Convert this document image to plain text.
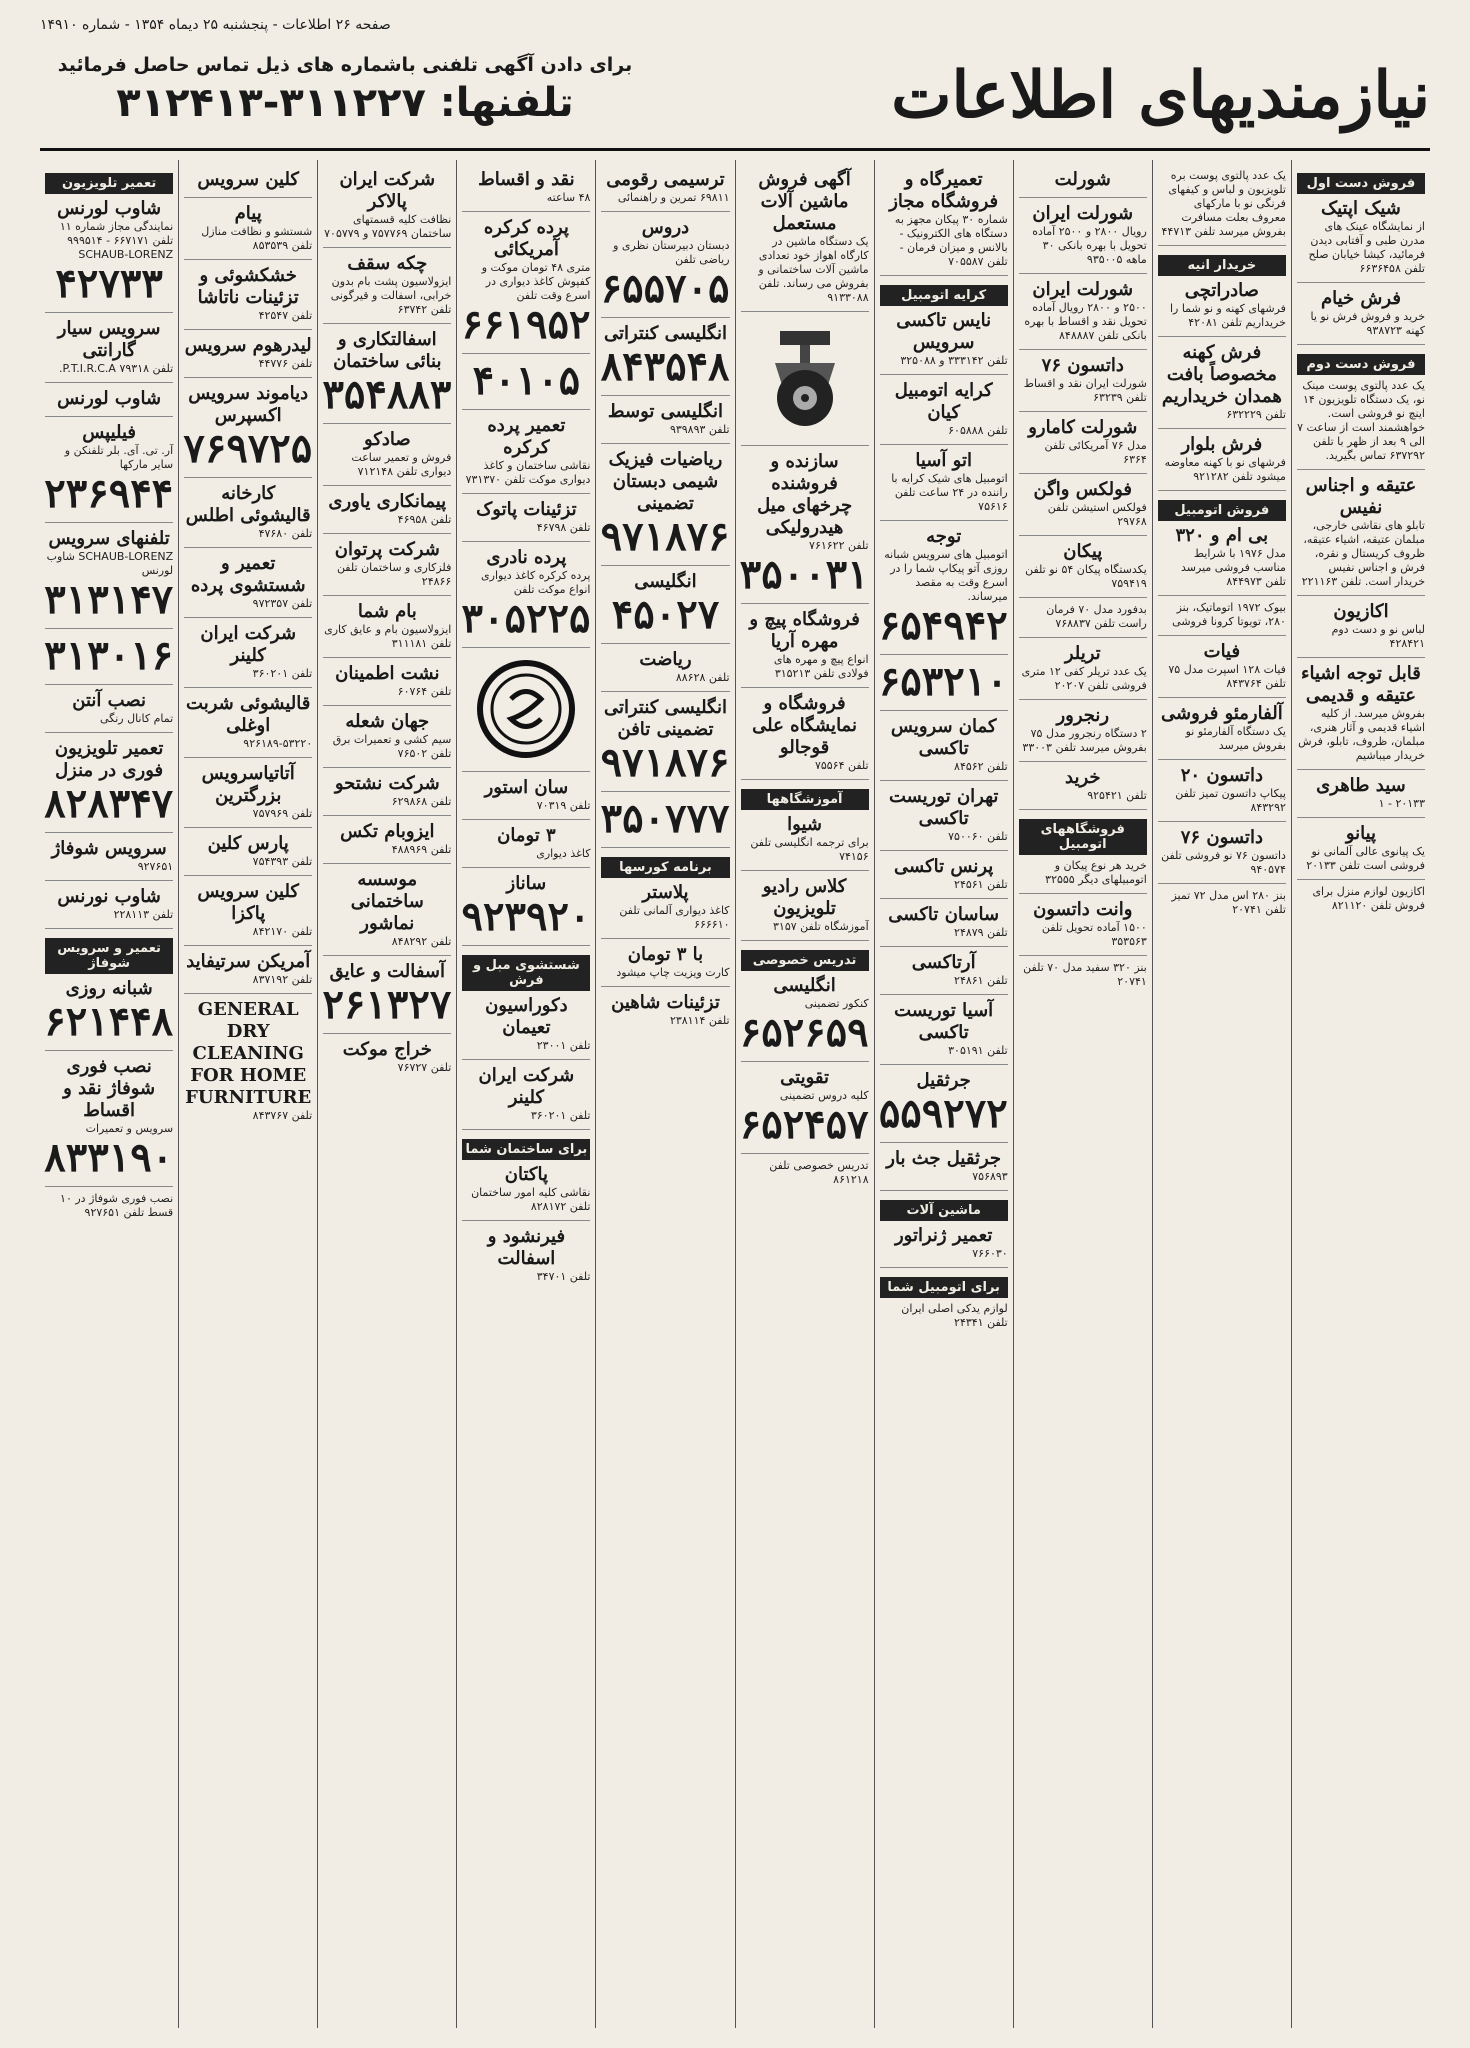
صفحه ۲۶ اطلاعات - پنجشنبه ۲۵ دیماه ۱۳۵۴ - شماره ۱۴۹۱۰
نیازمندیهای اطلاعات
برای دادن آگهی تلفنی باشماره های ذیل تماس حاصل فرمائید
تلفنها: ۳۱۱۲۲۷-۳۱۲۴۱۳
فروش دست اول
شیک اپتیک
از نمایشگاه عینک های مدرن طبی و آفتابی دیدن فرمائید، کیشا خیابان صلح تلفن ۶۶۳۶۴۵۸
فرش خیام
خرید و فروش فرش نو یا کهنه ۹۳۸۷۲۳
فروش دست دوم
یک عدد پالتوی پوست مینک نو، یک دستگاه تلویزیون ۱۴ اینچ نو فروشی است. خواهشمند است از ساعت ۷ الی ۹ بعد از ظهر با تلفن ۶۳۷۲۹۲ تماس بگیرید.
عتیقه و اجناس نفیس
تابلو های نقاشی خارجی، مبلمان عتیقه، اشیاء عتیقه، ظروف کریستال و نقره، فرش و اجناس نفیس خریدار است. تلفن ۲۲۱۱۶۳
اکازیون
لباس نو و دست دوم ۴۲۸۴۲۱
قابل توجه اشیاء عتیقه و قدیمی
بفروش میرسد. از کلیه اشیاء قدیمی و آثار هنری، مبلمان، ظروف، تابلو، فرش خریدار میباشیم
سید طاهری
۲۰۱۳۳ - ۱
پیانو
یک پیانوی عالی آلمانی نو فروشی است تلفن ۲۰۱۳۳
اکازیون لوازم منزل برای فروش تلفن ۸۲۱۱۲۰
یک عدد پالتوی پوست بره تلویزیون و لباس و کیفهای فرنگی نو با مارکهای معروف بعلت مسافرت بفروش میرسد تلفن ۴۴۷۱۳
خریدار انیه
صادراتچی
فرشهای کهنه و نو شما را خریداریم تلفن ۴۲۰۸۱
فرش کهنه مخصوصاً بافت همدان خریداریم
تلفن ۶۳۲۲۲۹
فرش بلوار
فرشهای نو با کهنه معاوضه میشود تلفن ۹۲۱۲۸۲
فروش اتومبیل
بی ام و ۳۲۰
مدل ۱۹۷۶ با شرایط مناسب فروشی میرسد تلفن ۸۴۴۹۷۳
بیوک ۱۹۷۲ اتوماتیک، بنز ۲۸۰، تویوتا کرونا فروشی
فیات
فیات ۱۲۸ اسپرت مدل ۷۵ تلفن ۸۴۳۷۶۴
آلفارمئو فروشی
یک دستگاه آلفارمئو نو بفروش میرسد
داتسون ۲۰
پیکاپ داتسون تمیز تلفن ۸۴۳۲۹۲
داتسون ۷۶
داتسون ۷۶ نو فروشی تلفن ۹۴۰۵۷۴
بنز ۲۸۰ اس مدل ۷۲ تمیز تلفن ۲۰۷۴۱
شورلت
شورلت ایران
رویال ۲۸۰۰ و ۲۵۰۰ آماده تحویل با بهره بانکی ۳۰ ماهه ۹۳۵۰۰۵
شورلت ایران
۲۵۰۰ و ۲۸۰۰ رویال آماده تحویل نقد و اقساط با بهره بانکی تلفن ۸۴۸۸۸۷
داتسون ۷۶
شورلت ایران نقد و اقساط تلفن ۶۳۲۳۹
شورلت کامارو
مدل ۷۶ آمریکائی تلفن ۶۳۶۴
فولکس واگن
فولکس استیشن تلفن ۲۹۷۶۸
پیکان
یکدستگاه پیکان ۵۴ نو تلفن ۷۵۹۴۱۹
بدفورد مدل ۷۰ فرمان راست تلفن ۷۶۸۸۳۷
تریلر
یک عدد تریلر کفی ۱۲ متری فروشی تلفن ۲۰۲۰۷
رنجرور
۲ دستگاه رنجرور مدل ۷۵ بفروش میرسد تلفن ۳۳۰۰۳
خرید
تلفن ۹۲۵۴۲۱
فروشگاههای اتومبیل
خرید هر نوع پیکان و اتومبیلهای دیگر ۳۲۵۵۵
وانت داتسون
۱۵۰۰ آماده تحویل تلفن ۳۵۳۵۶۳
بنز ۳۲۰ سفید مدل ۷۰ تلفن ۲۰۷۴۱
تعمیرگاه و فروشگاه مجاز
شماره ۳۰ پیکان مجهز به دستگاه های الکترونیک - بالانس و میزان فرمان - تلفن ۷۰۵۵۸۷
کرایه اتومبیل
نایس تاکسی سرویس
تلفن ۳۳۳۱۴۲ و ۳۲۵۰۸۸
کرایه اتومبیل کیان
تلفن ۶۰۵۸۸۸
اتو آسیا
اتومبیل های شیک کرایه با راننده در ۲۴ ساعت تلفن ۷۵۶۱۶
توجه
اتومبیل های سرویس شبانه روزی آتو پیکاپ شما را در اسرع وقت به مقصد میرساند.
۶۵۴۹۴۲
۶۵۳۲۱۰
کمان سرویس تاکسی
تلفن ۸۴۵۶۲
تهران توریست تاکسی
تلفن ۷۵۰۰۶۰
پرنس تاکسی
تلفن ۲۴۵۶۱
ساسان تاکسی
تلفن ۲۴۸۷۹
آرتاکسی
تلفن ۲۴۸۶۱
آسیا توریست تاکسی
تلفن ۳۰۵۱۹۱
جرثقیل
۵۵۹۲۷۲
جرثقیل جث بار
۷۵۶۸۹۳
ماشین آلات
تعمیر ژنراتور
۷۶۶۰۳۰
برای اتومبیل شما
لوازم یدکی اصلی ایران تلفن ۲۴۳۴۱
آگهی فروش ماشین آلات مستعمل
یک دستگاه ماشین در کارگاه اهواز خود تعدادی ماشین آلات ساختمانی و بفروش می رساند. تلفن ۹۱۳۳۰۸۸
سازنده و فروشنده چرخهای میل هیدرولیکی
تلفن ۷۶۱۶۲۲
۳۵۰۰۳۱
فروشگاه پیچ و مهره آریا
انواع پیچ و مهره های فولادی تلفن ۳۱۵۲۱۳
فروشگاه و نمایشگاه علی قوجالو
تلفن ۷۵۵۶۴
آموزشگاهها
شیوا
برای ترجمه انگلیسی تلفن ۷۴۱۵۶
کلاس رادیو تلویزیون
آموزشگاه تلفن ۳۱۵۷
تدریس خصوصی
انگلیسی
کنکور تضمینی
۶۵۲۶۵۹
تقویتی
کلیه دروس تضمینی
۶۵۲۴۵۷
تدریس خصوصی تلفن ۸۶۱۲۱۸
ترسیمی رقومی
۶۹۸۱۱ تمرین و راهنمائی
دروس
دبستان دبیرستان نظری و ریاضی تلفن
۶۵۵۷۰۵
انگلیسی کنتراتی
۸۴۳۵۴۸
انگلیسی توسط
تلفن ۹۳۹۸۹۳
ریاضیات فیزیک شیمی دبستان تضمینی
۹۷۱۸۷۶
انگلیسی
۴۵۰۲۷
ریاضت
تلفن ۸۸۶۲۸
انگلیسی کنتراتی تضمینی تافن
۹۷۱۸۷۶
۳۵۰۷۷۷
برنامه کورسها
پلاستر
کاغذ دیواری آلمانی تلفن ۶۶۶۶۱۰
با ۳ تومان
کارت ویزیت چاپ میشود
تزئینات شاهین
تلفن ۲۳۸۱۱۴
نقد و اقساط
۴۸ ساعته
پرده کرکره آمریکائی
متری ۴۸ تومان موکت و کفپوش کاغذ دیواری در اسرع وقت تلفن
۶۶۱۹۵۲
۴۰۱۰۵
تعمیر پرده کرکره
نقاشی ساختمان و کاغذ دیواری موکت تلفن ۷۳۱۳۷۰
تزئینات پاتوک
تلفن ۴۶۷۹۸
پرده نادری
پرده کرکره کاغذ دیواری انواع موکت تلفن
۳۰۵۲۲۵
سان استور
تلفن ۷۰۳۱۹
۳ تومان
کاغذ دیواری
ساناز
۹۲۳۹۲۰
شستشوی مبل و فرش
دکوراسیون تعیمان
تلفن ۲۳۰۰۱
شرکت ایران کلینر
تلفن ۳۶۰۲۰۱
برای ساختمان شما
پاکتان
نقاشی کلیه امور ساختمان تلفن ۸۲۸۱۷۲
فیرنشود و اسفالت
تلفن ۳۴۷۰۱
شرکت ایران پالاکر
نظافت کلیه قسمتهای ساختمان ۷۵۷۷۶۹ و ۷۰۵۷۷۹
چکه سقف
ایزولاسیون پشت بام بدون خرابی، اسفالت و قیرگونی تلفن ۶۳۷۴۲
اسفالتکاری و بنائی ساختمان
۳۵۴۸۸۳
صادکو
فروش و تعمیر ساعت دیواری تلفن ۷۱۲۱۴۸
پیمانکاری یاوری
تلفن ۴۶۹۵۸
شرکت پرتوان
فلزکاری و ساختمان تلفن ۲۴۸۶۶
بام شما
ایزولاسیون بام و عایق کاری تلفن ۳۱۱۱۸۱
نشت اطمینان
تلفن ۶۰۷۶۴
جهان شعله
سیم کشی و تعمیرات برق تلفن ۷۶۵۰۲
شرکت نشتحو
تلفن ۶۲۹۸۶۸
ایزوبام تکس
تلفن ۴۸۸۹۶۹
موسسه ساختمانی نماشور
تلفن ۸۴۸۲۹۲
آسفالت و عایق
۲۶۱۳۲۷
خراج موکت
تلفن ۷۶۷۲۷
کلین سرویس
پیام
شستشو و نظافت منازل تلفن ۸۵۳۵۳۹
خشکشوئی و تزئینات ناتاشا
تلفن ۴۲۵۴۷
لیدرهوم سرویس
تلفن ۴۴۷۷۶
دیاموند سرویس اکسپرس
۷۶۹۷۲۵
کارخانه قالیشوئی اطلس
تلفن ۴۷۶۸۰
تعمیر و شستشوی پرده
تلفن ۹۷۲۳۵۷
شرکت ایران کلینر
تلفن ۳۶۰۲۰۱
قالیشوئی شربت اوغلی
۹۲۶۱۸۹-۵۳۲۲۰
آتاتیاسرویس بزرگترین
تلفن ۷۵۷۹۶۹
پارس کلین
تلفن ۷۵۴۳۹۳
کلین سرویس پاکزا
تلفن ۸۴۲۱۷۰
آمریکن سرتیفاید
تلفن ۸۳۷۱۹۲
GENERAL DRY CLEANING FOR HOME FURNITURE
تلفن ۸۴۳۷۶۷
تعمیر تلویزیون
شاوب لورنس
نمایندگی مجاز شماره ۱۱ تلفن ۶۶۷۱۷۱ - ۹۹۹۵۱۴ SCHAUB-LORENZ
۴۲۷۳۳
سرویس سیار گارانتی
تلفن ۷۹۳۱۸ P.T.I.R.C.A.
شاوب لورنس
فیلیپس
آر. تی. آی. بلر تلفنکن و سایر مارکها
۲۳۶۹۴۴
تلفنهای سرویس
SCHAUB-LORENZ شاوب لورنس
۳۱۳۱۴۷
۳۱۳۰۱۶
نصب آنتن
تمام کانال رنگی
تعمیر تلویزیون فوری در منزل
۸۲۸۳۴۷
سرویس شوفاژ
۹۲۷۶۵۱
شاوب نورنس
تلفن ۲۲۸۱۱۳
تعمیر و سرویس شوفاژ
شبانه روزی
۶۲۱۴۴۸
نصب فوری شوفاژ نقد و اقساط
سرویس و تعمیرات
۸۳۳۱۹۰
نصب فوری شوفاژ در ۱۰ قسط تلفن ۹۲۷۶۵۱
